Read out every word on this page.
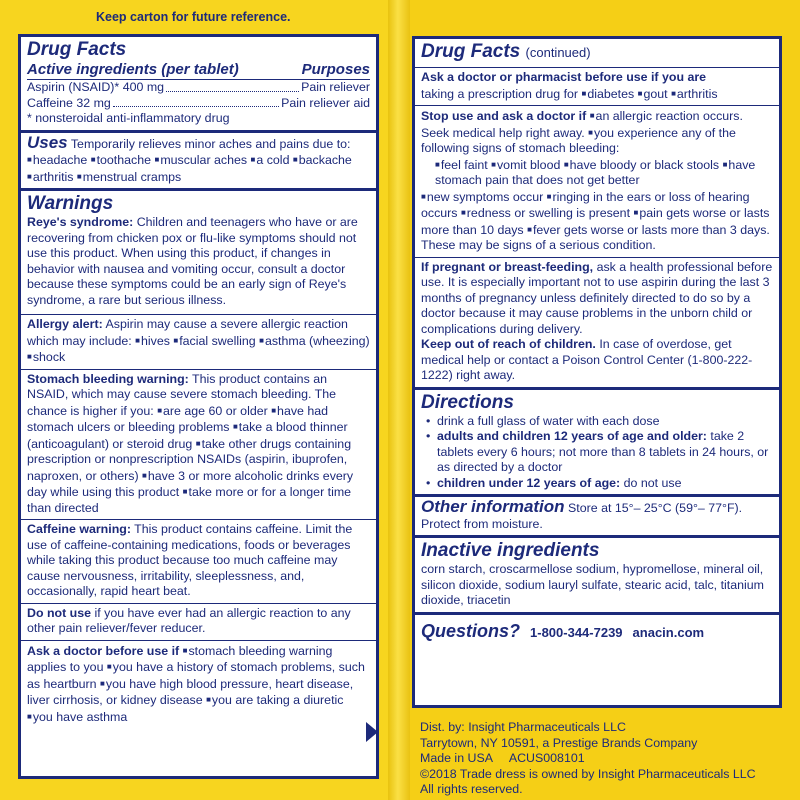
Keep carton for future reference.
Drug Facts
Active ingredients (per tablet)	Purposes
Aspirin (NSAID)* 400 mg	Pain reliever
Caffeine 32 mg	Pain reliever aid
* nonsteroidal anti-inflammatory drug
Uses Temporarily relieves minor aches and pains due to: ■ headache ■ toothache ■ muscular aches ■ a cold ■ backache ■ arthritis ■ menstrual cramps
Warnings
Reye's syndrome: Children and teenagers who have or are recovering from chicken pox or flu-like symptoms should not use this product. When using this product, if changes in behavior with nausea and vomiting occur, consult a doctor because these symptoms could be an early sign of Reye's syndrome, a rare but serious illness.
Allergy alert: Aspirin may cause a severe allergic reaction which may include: ■ hives ■ facial swelling ■ asthma (wheezing) ■ shock
Stomach bleeding warning: This product contains an NSAID, which may cause severe stomach bleeding. The chance is higher if you: ■ are age 60 or older ■ have had stomach ulcers or bleeding problems ■ take a blood thinner (anticoagulant) or steroid drug ■ take other drugs containing prescription or nonprescription NSAIDs (aspirin, ibuprofen, naproxen, or others) ■ have 3 or more alcoholic drinks every day while using this product ■ take more or for a longer time than directed
Caffeine warning: This product contains caffeine. Limit the use of caffeine-containing medications, foods or beverages while taking this product because too much caffeine may cause nervousness, irritability, sleeplessness, and, occasionally, rapid heart beat.
Do not use if you have ever had an allergic reaction to any other pain reliever/fever reducer.
Ask a doctor before use if ■ stomach bleeding warning applies to you ■ you have a history of stomach problems, such as heartburn ■ you have high blood pressure, heart disease, liver cirrhosis, or kidney disease ■ you are taking a diuretic ■ you have asthma
Drug Facts (continued)
Ask a doctor or pharmacist before use if you are
taking a prescription drug for ■ diabetes ■ gout ■ arthritis
Stop use and ask a doctor if ■ an allergic reaction occurs. Seek medical help right away. ■ you experience any of the following signs of stomach bleeding:
■ feel faint ■ vomit blood ■ have bloody or black stools ■ have stomach pain that does not get better
■ new symptoms occur ■ ringing in the ears or loss of hearing occurs ■ redness or swelling is present ■ pain gets worse or lasts more than 10 days ■ fever gets worse or lasts more than 3 days.
These may be signs of a serious condition.
If pregnant or breast-feeding, ask a health professional before use. It is especially important not to use aspirin during the last 3 months of pregnancy unless definitely directed to do so by a doctor because it may cause problems in the unborn child or complications during delivery.
Keep out of reach of children. In case of overdose, get medical help or contact a Poison Control Center (1-800-222-1222) right away.
Directions
• drink a full glass of water with each dose
• adults and children 12 years of age and older: take 2 tablets every 6 hours; not more than 8 tablets in 24 hours, or as directed by a doctor
• children under 12 years of age: do not use
Other information Store at 15°– 25°C (59°– 77°F). Protect from moisture.
Inactive ingredients
corn starch, croscarmellose sodium, hypromellose, mineral oil, silicon dioxide, sodium lauryl sulfate, stearic acid, talc, titanium dioxide, triacetin
Questions? 1-800-344-7239 anacin.com
Dist. by: Insight Pharmaceuticals LLC
Tarrytown, NY 10591, a Prestige Brands Company
Made in USA     ACUS008101
©2018 Trade dress is owned by Insight Pharmaceuticals LLC
All rights reserved.
